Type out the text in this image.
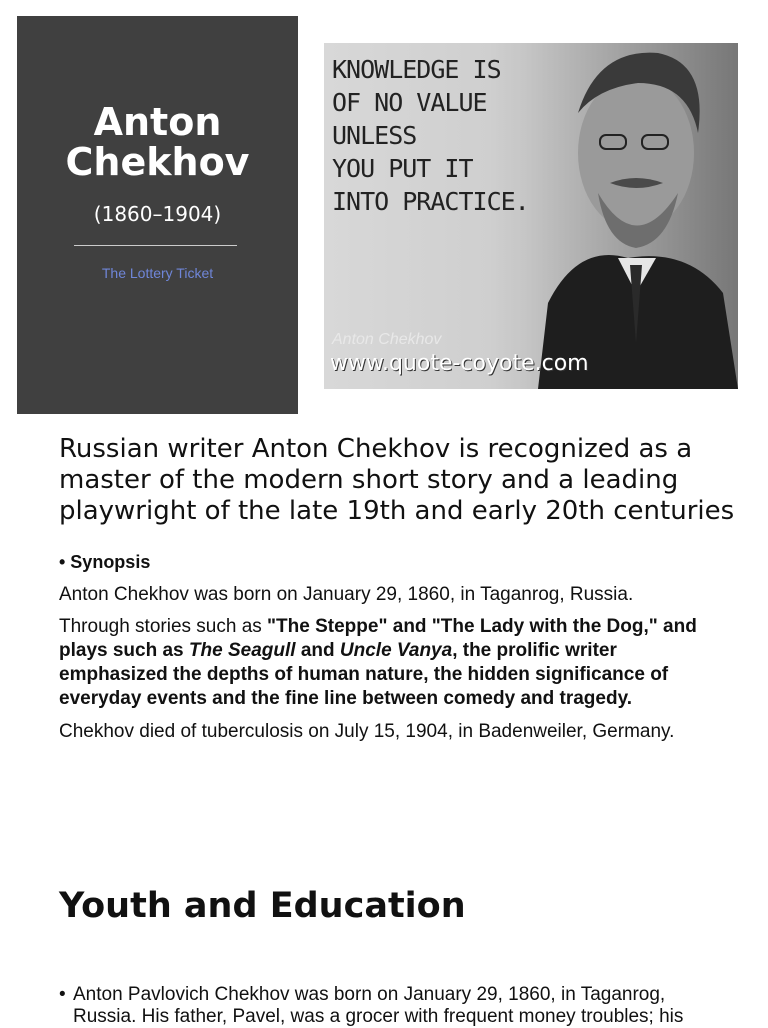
Anton Chekhov
(1860–1904)
The Lottery Ticket
KNOWLEDGE IS
OF NO VALUE
UNLESS
YOU PUT IT
INTO PRACTICE.
Anton Chekhov
www.quote-coyote.com
Russian writer Anton Chekhov is recognized as a master of the modern short story and a leading playwright of the late 19th and early 20th centuries
• Synopsis
Anton Chekhov was born on January 29, 1860, in Taganrog, Russia.
Through stories such as "The Steppe" and "The Lady with the Dog," and plays such as The Seagull and Uncle Vanya, the prolific writer emphasized the depths of human nature, the hidden significance of everyday events and the fine line between comedy and tragedy.
Chekhov died of tuberculosis on July 15, 1904, in Badenweiler, Germany.
Youth and Education
• Anton Pavlovich Chekhov was born on January 29, 1860, in Taganrog, Russia. His father, Pavel, was a grocer with frequent money troubles; his
